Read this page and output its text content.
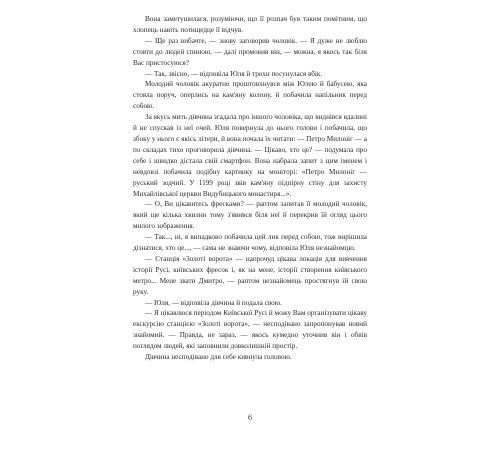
Вона заметушилася, розуміючи, що її розпач був таким помітним, що хлопець навіть потищедце її відчув.

— Ще раз вибачте, — знову заговорив чоловік. — Я дуже не люблю стояти до людей спиною, — далі промовив він, — можна, я якось так біля Вас пристосуюся?

— Так, звісно, — відповіла Юля й трохи посунулася вбік.

Молодий чоловік акуратно проштовхнувся між Юлею й бабусею, яка стояла поруч, оперлись на кам'яну колону, й побачила напільник перед собою.

За якусь мить дівчина згадала про іншого чоловіка, що виднівся вдалині й не спускав із неї очей. Юля повернула до нього голови і побачила, що збоку у нього є якісь літери, й вона почала їх читати: — Петро Милоніг — а по складах тихо проговорила дівчина. — Цікаво, хто це? — подумала про себе і швидко дістала свій смартфон. Вона набрала запит з цим іменем і невдовзі побачила подібну картинку на моніторі: «Петро Милоніг — руський зодчий. У 1199 році звів кам'яну підпірну стіну для захисту Михайлівської церкви Видубицького монастиря...».

— О, Ви цікавитесь фресками? — раптом запитав її молодий чоловік, який ще кілька хвилин тому з'явився біля неї й перекрив їй огляд цього милого зображення.

— Так..., ні, я випадково побачила цей лик перед собою, тож вирішила дізнатися, хто це..., — сама не знаючи чому, відповіла Юля незнайомцю.

— Станція «Золоті ворота» — напрочуд цікава локація для вивчення історії Русі, київських фресок і, як на мене, історії створення київського метро... Мене звати Дмитро, — раптом незнайомець простягнув їй свою руку.

— Юля, — відповіла дівчина й подала свою.

— Я цікавлюся періодом Київської Русі й можу Вам організувати цікаву екскурсію станцією «Золоті ворота», — несподівано запропонував новий знайомий. — Правда, не зараз, — якось кумедно уточнив він і обвів поглядом людей, які заповнили довколишній простір.

Дівчина несподівано для себе кивнула головою.

6
